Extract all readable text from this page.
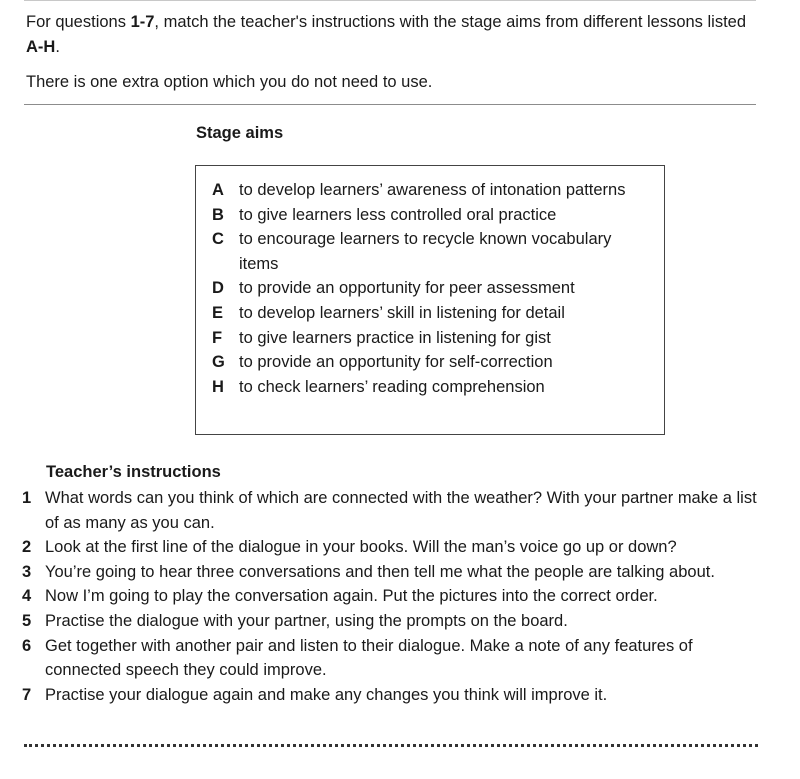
For questions 1-7, match the teacher's instructions with the stage aims from different lessons listed A-H.

There is one extra option which you do not need to use.

Stage aims
A to develop learners’ awareness of intonation patterns
B to give learners less controlled oral practice
C to encourage learners to recycle known vocabulary items
D to provide an opportunity for peer assessment
E to develop learners’ skill in listening for detail
F	to give learners practice in listening for gist
G to provide an opportunity for self-correction
H to check learners’ reading comprehension
Teacher’s instructions
1 What words can you think of which are connected with the weather? With your partner make a list of as many as you can.
2 Look at the first line of the dialogue in your books. Will the man’s voice go up or down?
3 You’re going to hear three conversations and then tell me what the people are talking about.
4 Now I’m going to play the conversation again. Put the pictures into the correct order.
5 Practise the dialogue with your partner, using the prompts on the board.
6 Get together with another pair and listen to their dialogue. Make a note of any features of connected speech they could improve.
7 Practise your dialogue again and make any changes you think will improve it.
